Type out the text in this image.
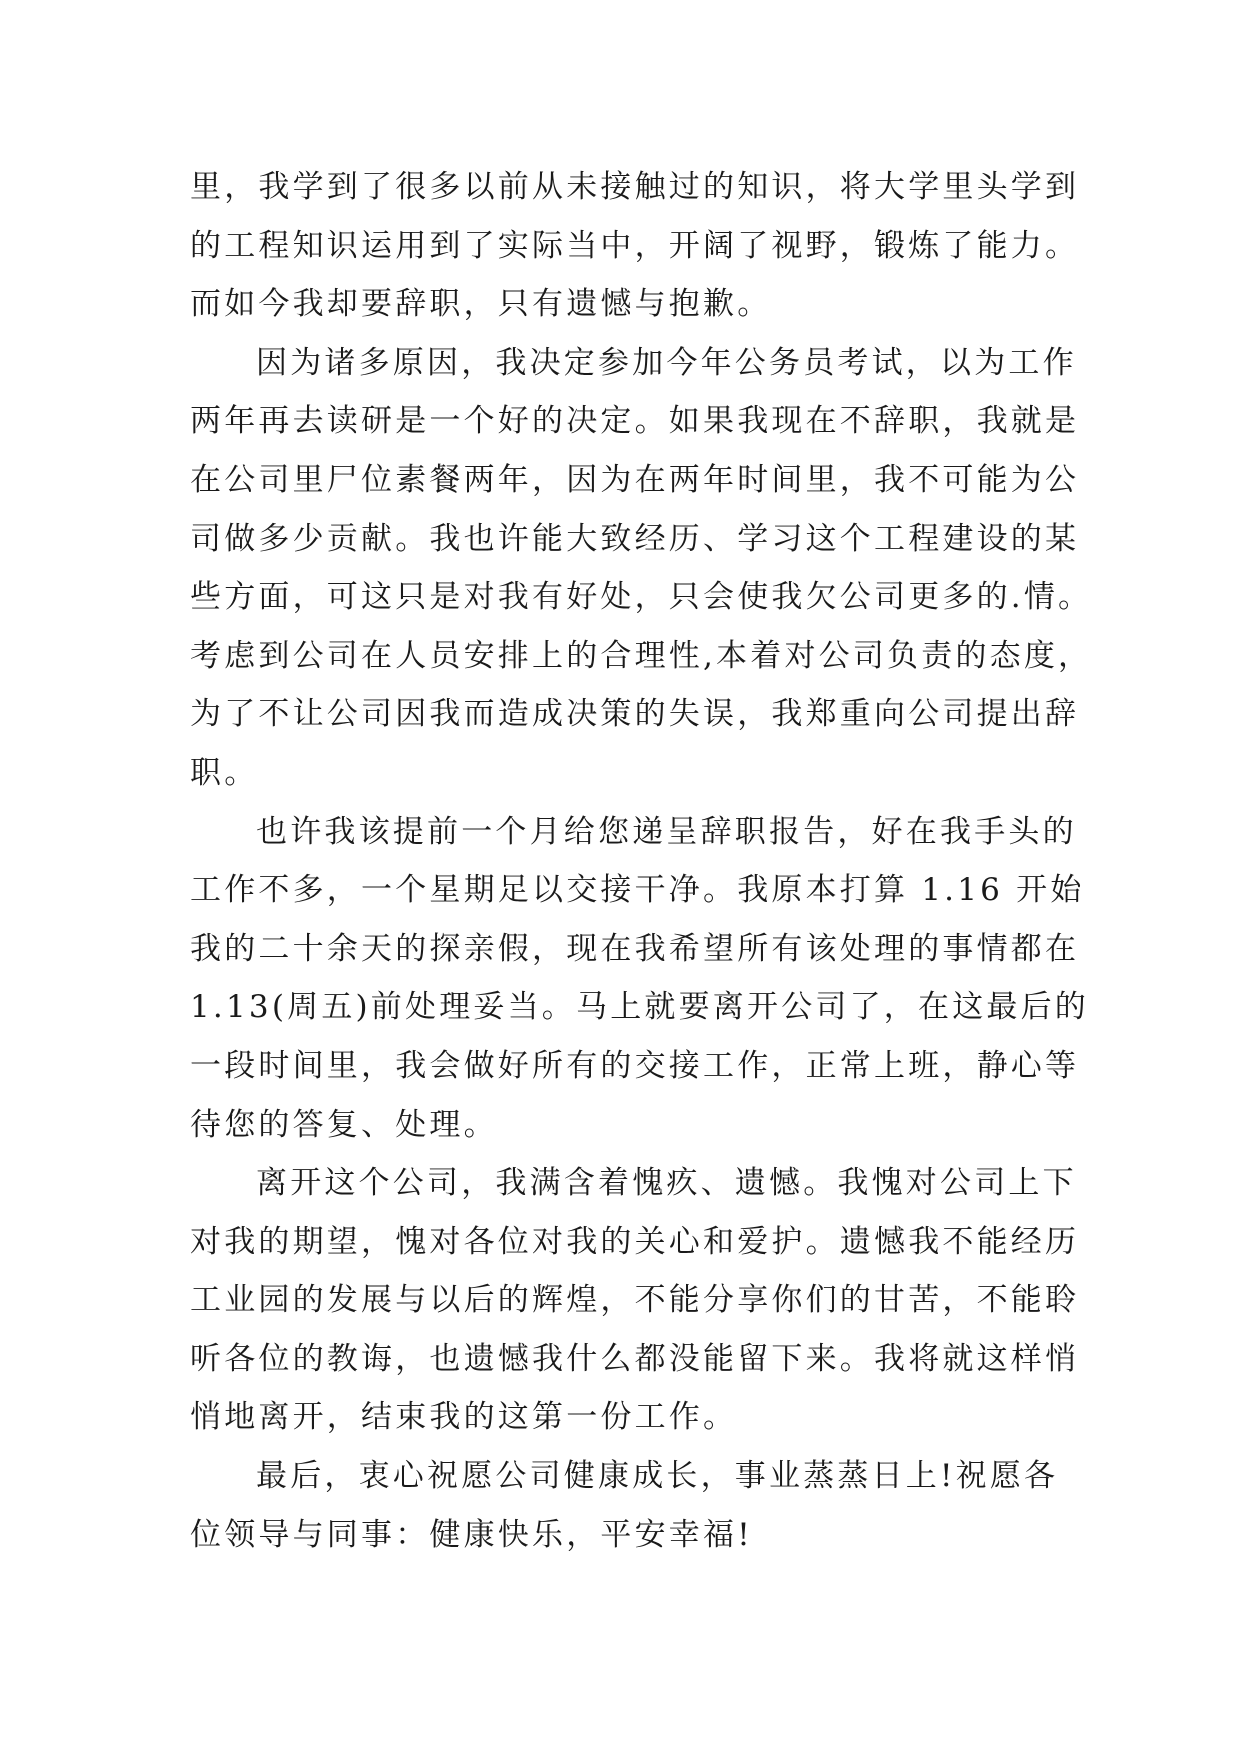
里，我学到了很多以前从未接触过的知识，将大学里头学到
的工程知识运用到了实际当中，开阔了视野，锻炼了能力。
而如今我却要辞职，只有遗憾与抱歉。

因为诸多原因，我决定参加今年公务员考试，以为工作
两年再去读研是一个好的决定。如果我现在不辞职，我就是
在公司里尸位素餐两年，因为在两年时间里，我不可能为公
司做多少贡献。我也许能大致经历、学习这个工程建设的某
些方面，可这只是对我有好处，只会使我欠公司更多的.情。
考虑到公司在人员安排上的合理性,本着对公司负责的态度，
为了不让公司因我而造成决策的失误，我郑重向公司提出辞
职。

也许我该提前一个月给您递呈辞职报告，好在我手头的
工作不多，一个星期足以交接干净。我原本打算 1.16 开始
我的二十余天的探亲假，现在我希望所有该处理的事情都在
1.13(周五)前处理妥当。马上就要离开公司了，在这最后的
一段时间里，我会做好所有的交接工作，正常上班，静心等
待您的答复、处理。

离开这个公司，我满含着愧疚、遗憾。我愧对公司上下
对我的期望，愧对各位对我的关心和爱护。遗憾我不能经历
工业园的发展与以后的辉煌，不能分享你们的甘苦，不能聆
听各位的教诲，也遗憾我什么都没能留下来。我将就这样悄
悄地离开，结束我的这第一份工作。

最后，衷心祝愿公司健康成长，事业蒸蒸日上!祝愿各
位领导与同事：健康快乐，平安幸福!
